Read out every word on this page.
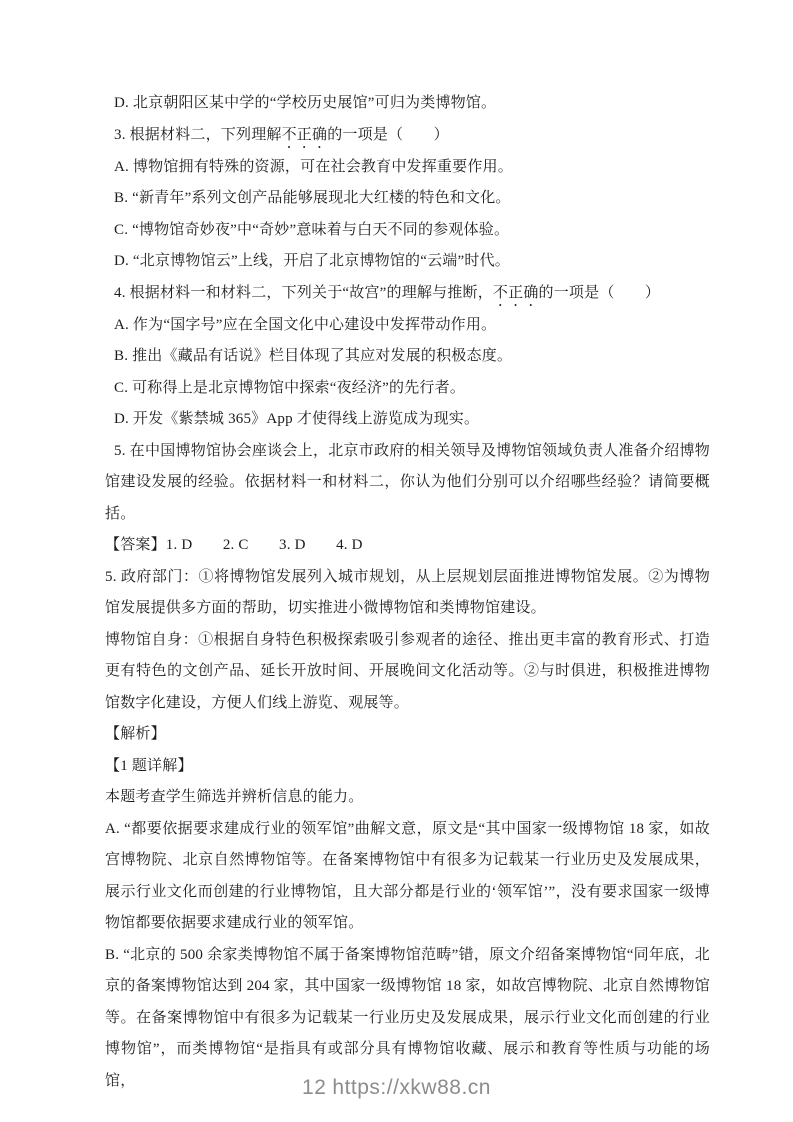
D. 北京朝阳区某中学的“学校历史展馆”可归为类博物馆。

3. 根据材料二，下列理解不正确的一项是（　　）

A. 博物馆拥有特殊的资源，可在社会教育中发挥重要作用。

B. “新青年”系列文创产品能够展现北大红楼的特色和文化。

C. “博物馆奇妙夜”中“奇妙”意味着与白天不同的参观体验。

D. “北京博物馆云”上线，开启了北京博物馆的“云端”时代。

4. 根据材料一和材料二，下列关于“故宫”的理解与推断，不正确的一项是（　　）

A. 作为“国字号”应在全国文化中心建设中发挥带动作用。

B. 推出《藏品有话说》栏目体现了其应对发展的积极态度。

C. 可称得上是北京博物馆中探索“夜经济”的先行者。

D. 开发《紫禁城 365》App 才使得线上游览成为现实。

5. 在中国博物馆协会座谈会上，北京市政府的相关领导及博物馆领域负责人准备介绍博物馆建设发展的经验。依据材料一和材料二，你认为他们分别可以介绍哪些经验？请简要概括。

【答案】1. D　　2. C　　3. D　　4. D

5. 政府部门：①将博物馆发展列入城市规划，从上层规划层面推进博物馆发展。②为博物馆发展提供多方面的帮助，切实推进小微博物馆和类博物馆建设。

博物馆自身：①根据自身特色积极探索吸引参观者的途径、推出更丰富的教育形式、打造更有特色的文创产品、延长开放时间、开展晚间文化活动等。②与时俱进，积极推进博物馆数字化建设，方便人们线上游览、观展等。

【解析】

【1 题详解】

本题考查学生筛选并辨析信息的能力。

A. “都要依据要求建成行业的领军馆”曲解文意，原文是“其中国家一级博物馆 18 家，如故宫博物院、北京自然博物馆等。在备案博物馆中有很多为记载某一行业历史及发展成果，展示行业文化而创建的行业博物馆，且大部分都是行业的‘领军馆’”，没有要求国家一级博物馆都要依据要求建成行业的领军馆。

B. “北京的 500 余家类博物馆不属于备案博物馆范畴”错，原文介绍备案博物馆“同年底，北京的备案博物馆达到 204 家，其中国家一级博物馆 18 家，如故宫博物院、北京自然博物馆等。在备案博物馆中有很多为记载某一行业历史及发展成果，展示行业文化而创建的行业博物馆”，而类博物馆“是指具有或部分具有博物馆收藏、展示和教育等性质与功能的场馆，	12 https://xkw88.cn
